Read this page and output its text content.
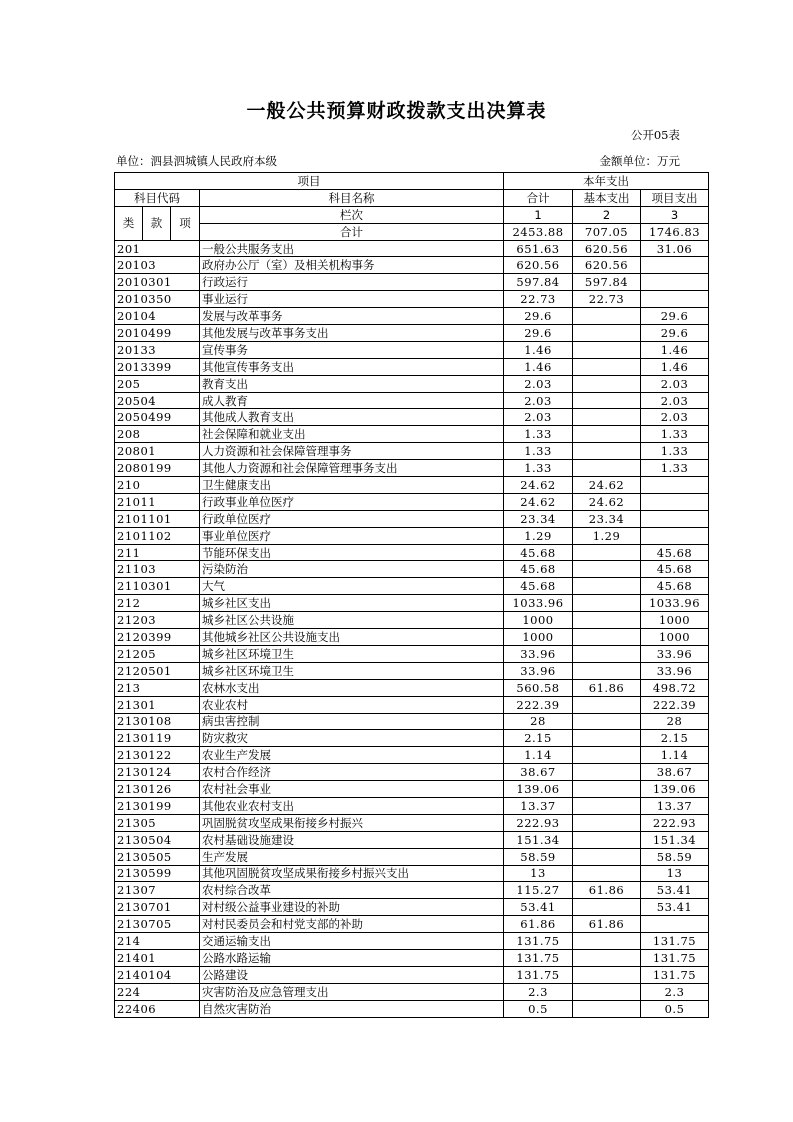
一般公共预算财政拨款支出决算表
公开05表
单位：泗县泗城镇人民政府本级	金额单位：万元
项目				本年支出		
科目代码			科目名称	合计	基本支出	项目支出
类	款	项	栏次	1	2	3
			合计	2453.88	707.05	1746.83
201			一般公共服务支出	651.63	620.56	31.06
20103			政府办公厅（室）及相关机构事务	620.56	620.56	
2010301			行政运行	597.84	597.84	
2010350			事业运行	22.73	22.73	
20104			发展与改革事务	29.6		29.6
2010499			其他发展与改革事务支出	29.6		29.6
20133			宣传事务	1.46		1.46
2013399			其他宣传事务支出	1.46		1.46
205			教育支出	2.03		2.03
20504			成人教育	2.03		2.03
2050499			其他成人教育支出	2.03		2.03
208			社会保障和就业支出	1.33		1.33
20801			人力资源和社会保障管理事务	1.33		1.33
2080199			其他人力资源和社会保障管理事务支出	1.33		1.33
210			卫生健康支出	24.62	24.62	
21011			行政事业单位医疗	24.62	24.62	
2101101			行政单位医疗	23.34	23.34	
2101102			事业单位医疗	1.29	1.29	
211			节能环保支出	45.68		45.68
21103			污染防治	45.68		45.68
2110301			大气	45.68		45.68
212			城乡社区支出	1033.96		1033.96
21203			城乡社区公共设施	1000		1000
2120399			其他城乡社区公共设施支出	1000		1000
21205			城乡社区环境卫生	33.96		33.96
2120501			城乡社区环境卫生	33.96		33.96
213			农林水支出	560.58	61.86	498.72
21301			农业农村	222.39		222.39
2130108			病虫害控制	28		28
2130119			防灾救灾	2.15		2.15
2130122			农业生产发展	1.14		1.14
2130124			农村合作经济	38.67		38.67
2130126			农村社会事业	139.06		139.06
2130199			其他农业农村支出	13.37		13.37
21305			巩固脱贫攻坚成果衔接乡村振兴	222.93		222.93
2130504			农村基础设施建设	151.34		151.34
2130505			生产发展	58.59		58.59
2130599			其他巩固脱贫攻坚成果衔接乡村振兴支出	13		13
21307			农村综合改革	115.27	61.86	53.41
2130701			对村级公益事业建设的补助	53.41		53.41
2130705			对村民委员会和村党支部的补助	61.86	61.86	
214			交通运输支出	131.75		131.75
21401			公路水路运输	131.75		131.75
2140104			公路建设	131.75		131.75
224			灾害防治及应急管理支出	2.3		2.3
22406			自然灾害防治	0.5		0.5
